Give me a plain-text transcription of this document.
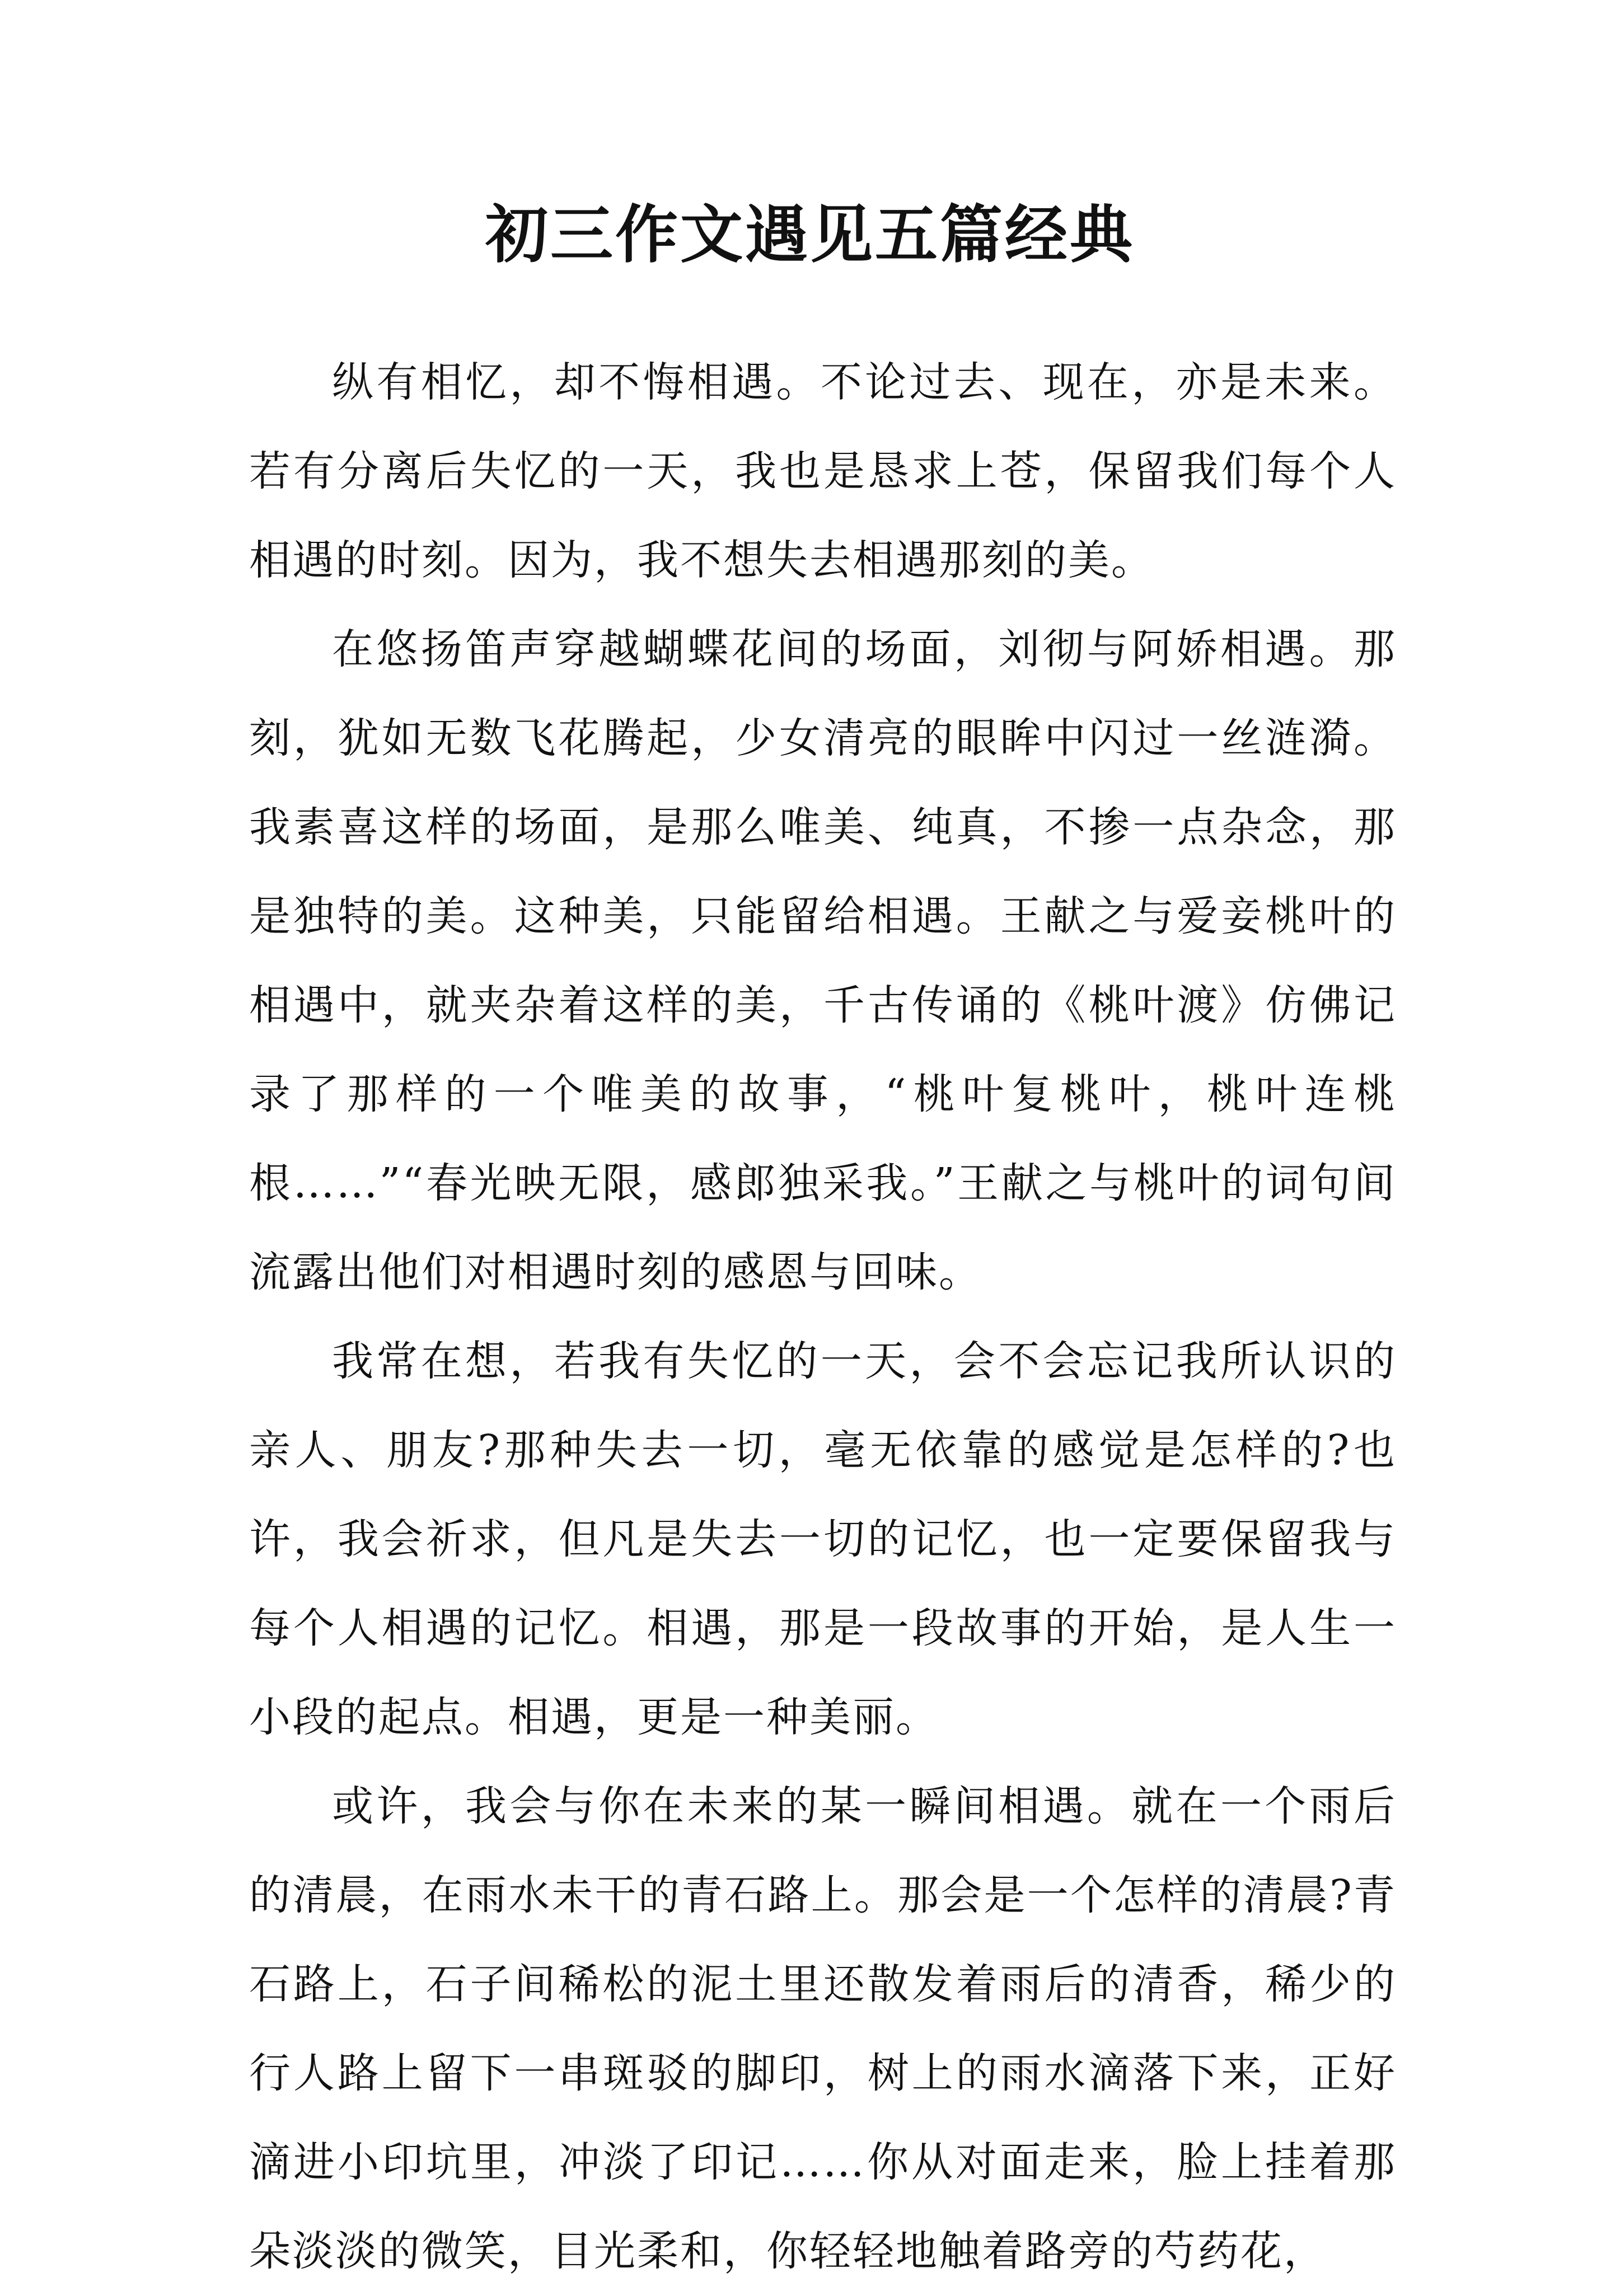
初三作文遇见五篇经典

纵有相忆，却不悔相遇。不论过去、现在，亦是未来。若有分离后失忆的一天，我也是恳求上苍，保留我们每个人相遇的时刻。因为，我不想失去相遇那刻的美。

在悠扬笛声穿越蝴蝶花间的场面，刘彻与阿娇相遇。那刻，犹如无数飞花腾起，少女清亮的眼眸中闪过一丝涟漪。我素喜这样的场面，是那么唯美、纯真，不掺一点杂念，那是独特的美。这种美，只能留给相遇。王献之与爱妾桃叶的相遇中，就夹杂着这样的美，千古传诵的《桃叶渡》仿佛记录了那样的一个唯美的故事，“桃叶复桃叶，桃叶连桃根……”“春光映无限，感郎独采我。”王献之与桃叶的词句间流露出他们对相遇时刻的感恩与回味。

我常在想，若我有失忆的一天，会不会忘记我所认识的亲人、朋友?那种失去一切，毫无依靠的感觉是怎样的?也许，我会祈求，但凡是失去一切的记忆，也一定要保留我与每个人相遇的记忆。相遇，那是一段故事的开始，是人生一小段的起点。相遇，更是一种美丽。

或许，我会与你在未来的某一瞬间相遇。就在一个雨后的清晨，在雨水未干的青石路上。那会是一个怎样的清晨?青石路上，石子间稀松的泥土里还散发着雨后的清香，稀少的行人路上留下一串斑驳的脚印，树上的雨水滴落下来，正好滴进小印坑里，冲淡了印记……你从对面走来，脸上挂着那朵淡淡的微笑，目光柔和，你轻轻地触着路旁的芍药花，
